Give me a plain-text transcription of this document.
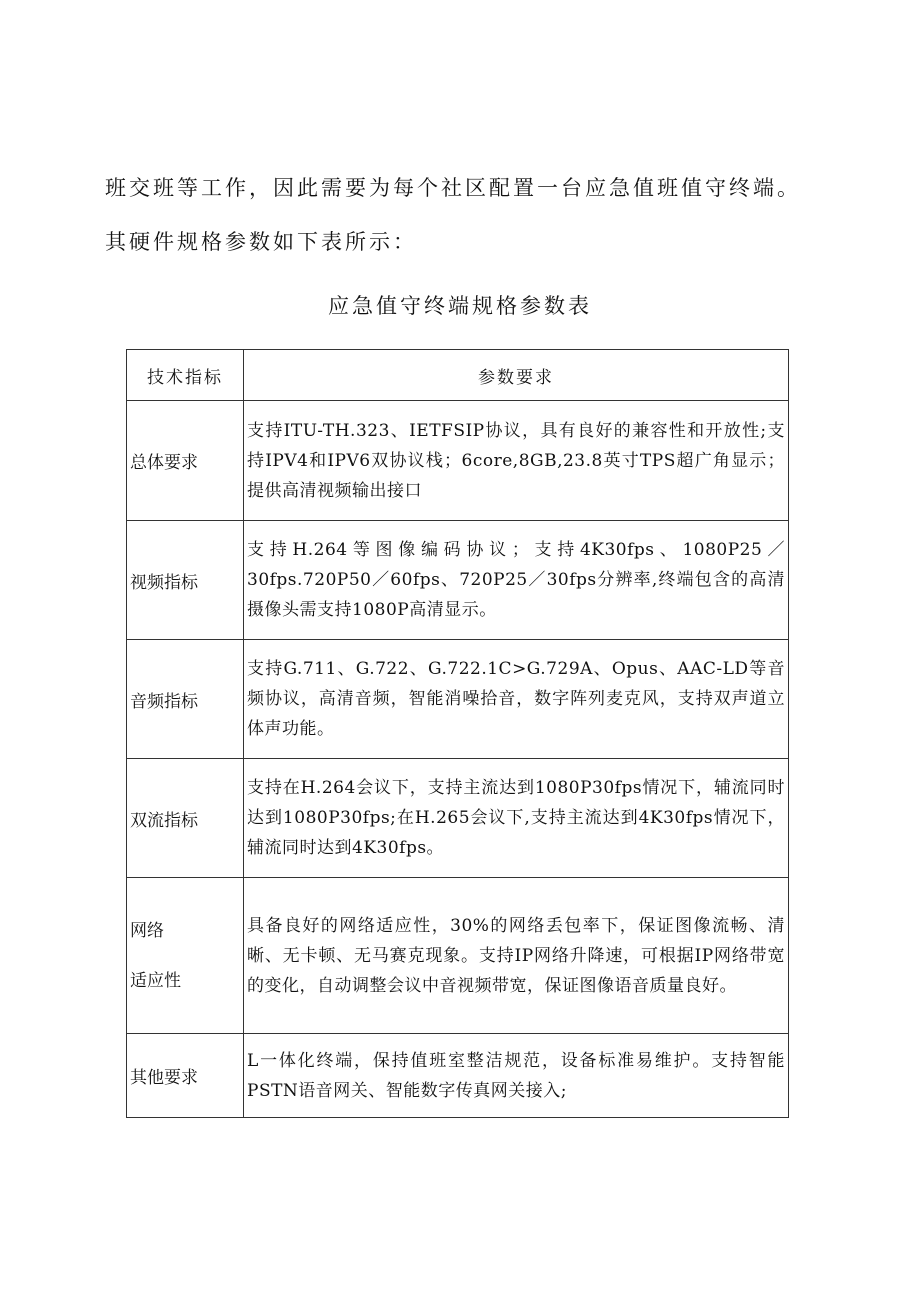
班交班等工作，因此需要为每个社区配置一台应急值班值守终端。

其硬件规格参数如下表所示：

应急值守终端规格参数表

技术指标	参数要求
总体要求	支持ITU-TH.323、IETFSIP协议，具有良好的兼容性和开放性;支持IPV4和IPV6双协议栈；6core,8GB,23.8英寸TPS超广角显示；提供高清视频输出接口
视频指标	支持H.264等图像编码协议；支持4K30fps、1080P25／30fps.720P50／60fps、720P25／30fps分辨率,终端包含的高清摄像头需支持1080P高清显示。
音频指标	支持G.711、G.722、G.722.1C>G.729A、Opus、AAC-LD等音频协议，高清音频，智能消噪拾音，数字阵列麦克风，支持双声道立体声功能。
双流指标	支持在H.264会议下，支持主流达到1080P30fps情况下，辅流同时达到1080P30fps;在H.265会议下,支持主流达到4K30fps情况下，辅流同时达到4K30fps。

网络
适应性	具备良好的网络适应性，30%的网络丢包率下，保证图像流畅、清晰、无卡顿、无马赛克现象。支持IP网络升降速，可根据IP网络带宽的变化，自动调整会议中音视频带宽，保证图像语音质量良好。
其他要求	L一体化终端，保持值班室整洁规范，设备标准易维护。支持智能PSTN语音网关、智能数字传真网关接入;
